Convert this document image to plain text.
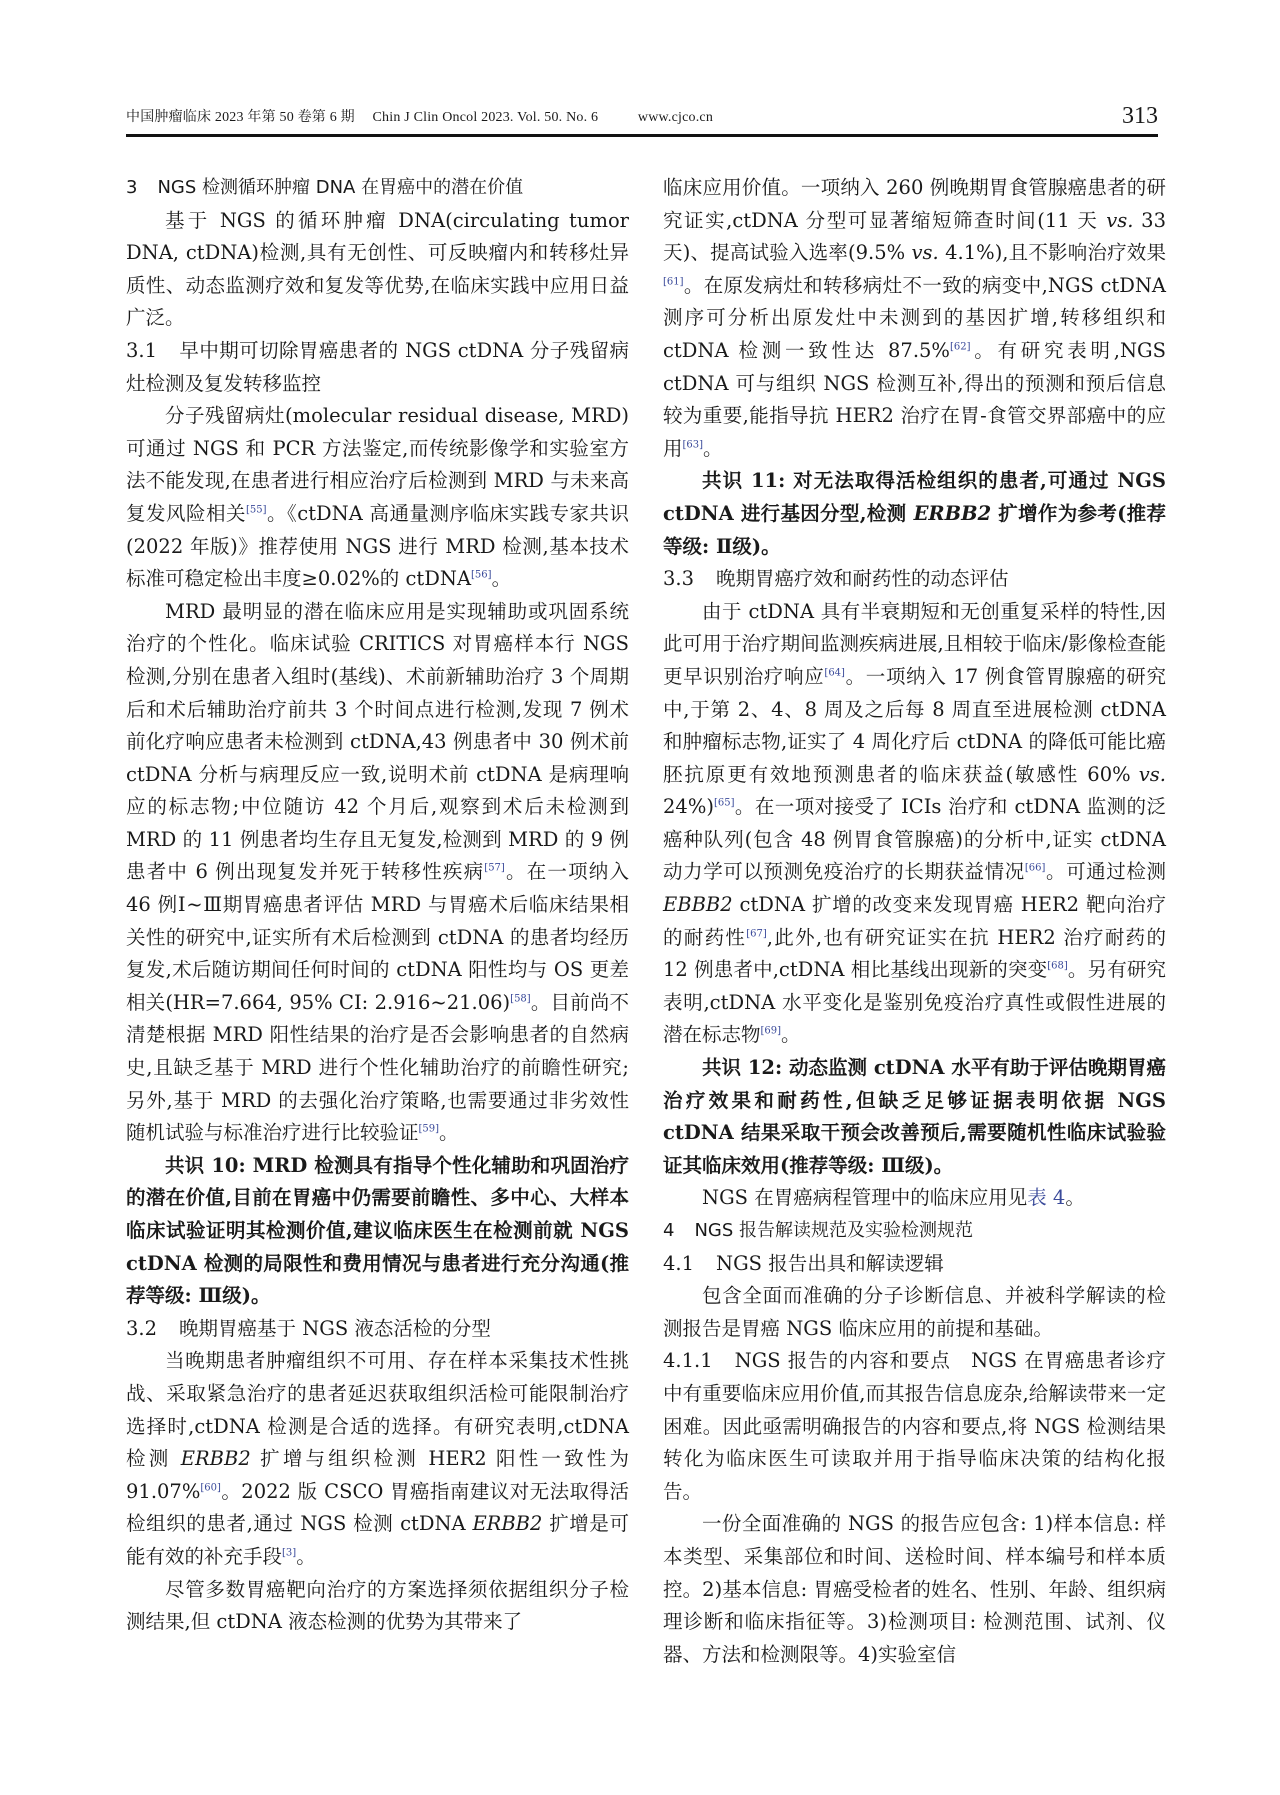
中国肿瘤临床 2023 年第 50 卷第 6 期 Chin J Clin Oncol 2023. Vol. 50. No. 6	www.cjco.cn	313

3 NGS 检测循环肿瘤 DNA 在胃癌中的潜在价值

基于 NGS 的循环肿瘤 DNA(circulating tumor DNA, ctDNA)检测,具有无创性、可反映瘤内和转移灶异质性、动态监测疗效和复发等优势,在临床实践中应用日益广泛。

3.1 早中期可切除胃癌患者的 NGS ctDNA 分子残留病灶检测及复发转移监控

分子残留病灶(molecular residual disease, MRD)可通过 NGS 和 PCR 方法鉴定,而传统影像学和实验室方法不能发现,在患者进行相应治疗后检测到 MRD 与未来高复发风险相关[55]。《ctDNA 高通量测序临床实践专家共识(2022 年版)》推荐使用 NGS 进行 MRD 检测,基本技术标准可稳定检出丰度≥0.02%的 ctDNA[56]。

MRD 最明显的潜在临床应用是实现辅助或巩固系统治疗的个性化。临床试验 CRITICS 对胃癌样本行 NGS 检测,分别在患者入组时(基线)、术前新辅助治疗 3 个周期后和术后辅助治疗前共 3 个时间点进行检测,发现 7 例术前化疗响应患者未检测到 ctDNA,43 例患者中 30 例术前 ctDNA 分析与病理反应一致,说明术前 ctDNA 是病理响应的标志物;中位随访 42 个月后,观察到术后未检测到 MRD 的 11 例患者均生存且无复发,检测到 MRD 的 9 例患者中 6 例出现复发并死于转移性疾病[57]。在一项纳入 46 例Ⅰ~Ⅲ期胃癌患者评估 MRD 与胃癌术后临床结果相关性的研究中,证实所有术后检测到 ctDNA 的患者均经历复发,术后随访期间任何时间的 ctDNA 阳性均与 OS 更差相关(HR=7.664, 95% CI: 2.916~21.06)[58]。目前尚不清楚根据 MRD 阳性结果的治疗是否会影响患者的自然病史,且缺乏基于 MRD 进行个性化辅助治疗的前瞻性研究;另外,基于 MRD 的去强化治疗策略,也需要通过非劣效性随机试验与标准治疗进行比较验证[59]。

共识 10: MRD 检测具有指导个性化辅助和巩固治疗的潜在价值,目前在胃癌中仍需要前瞻性、多中心、大样本临床试验证明其检测价值,建议临床医生在检测前就 NGS ctDNA 检测的局限性和费用情况与患者进行充分沟通(推荐等级: Ⅲ级)。

3.2 晚期胃癌基于 NGS 液态活检的分型

当晚期患者肿瘤组织不可用、存在样本采集技术性挑战、采取紧急治疗的患者延迟获取组织活检可能限制治疗选择时,ctDNA 检测是合适的选择。有研究表明,ctDNA 检测 ERBB2 扩增与组织检测 HER2 阳性一致性为 91.07%[60]。2022 版 CSCO 胃癌指南建议对无法取得活检组织的患者,通过 NGS 检测 ctDNA ERBB2 扩增是可能有效的补充手段[3]。

尽管多数胃癌靶向治疗的方案选择须依据组织分子检测结果,但 ctDNA 液态检测的优势为其带来了

临床应用价值。一项纳入 260 例晚期胃食管腺癌患者的研究证实,ctDNA 分型可显著缩短筛查时间(11 天 vs. 33 天)、提高试验入选率(9.5% vs. 4.1%),且不影响治疗效果[61]。在原发病灶和转移病灶不一致的病变中,NGS ctDNA 测序可分析出原发灶中未测到的基因扩增,转移组织和 ctDNA 检测一致性达 87.5%[62]。有研究表明,NGS ctDNA 可与组织 NGS 检测互补,得出的预测和预后信息较为重要,能指导抗 HER2 治疗在胃-食管交界部癌中的应用[63]。

共识 11: 对无法取得活检组织的患者,可通过 NGS ctDNA 进行基因分型,检测 ERBB2 扩增作为参考(推荐等级: Ⅱ级)。

3.3 晚期胃癌疗效和耐药性的动态评估

由于 ctDNA 具有半衰期短和无创重复采样的特性,因此可用于治疗期间监测疾病进展,且相较于临床/影像检查能更早识别治疗响应[64]。一项纳入 17 例食管胃腺癌的研究中,于第 2、4、8 周及之后每 8 周直至进展检测 ctDNA 和肿瘤标志物,证实了 4 周化疗后 ctDNA 的降低可能比癌胚抗原更有效地预测患者的临床获益(敏感性 60% vs. 24%)[65]。在一项对接受了 ICIs 治疗和 ctDNA 监测的泛癌种队列(包含 48 例胃食管腺癌)的分析中,证实 ctDNA 动力学可以预测免疫治疗的长期获益情况[66]。可通过检测 EBBB2 ctDNA 扩增的改变来发现胃癌 HER2 靶向治疗的耐药性[67],此外,也有研究证实在抗 HER2 治疗耐药的 12 例患者中,ctDNA 相比基线出现新的突变[68]。另有研究表明,ctDNA 水平变化是鉴别免疫治疗真性或假性进展的潜在标志物[69]。

共识 12: 动态监测 ctDNA 水平有助于评估晚期胃癌治疗效果和耐药性,但缺乏足够证据表明依据 NGS ctDNA 结果采取干预会改善预后,需要随机性临床试验验证其临床效用(推荐等级: Ⅲ级)。

NGS 在胃癌病程管理中的临床应用见表 4。

4 NGS 报告解读规范及实验检测规范

4.1 NGS 报告出具和解读逻辑

包含全面而准确的分子诊断信息、并被科学解读的检测报告是胃癌 NGS 临床应用的前提和基础。

4.1.1 NGS 报告的内容和要点　 NGS 在胃癌患者诊疗中有重要临床应用价值,而其报告信息庞杂,给解读带来一定困难。因此亟需明确报告的内容和要点,将 NGS 检测结果转化为临床医生可读取并用于指导临床决策的结构化报告。

一份全面准确的 NGS 的报告应包含: 1)样本信息: 样本类型、采集部位和时间、送检时间、样本编号和样本质控。2)基本信息: 胃癌受检者的姓名、性别、年龄、组织病理诊断和临床指征等。3)检测项目: 检测范围、试剂、仪器、方法和检测限等。4)实验室信
